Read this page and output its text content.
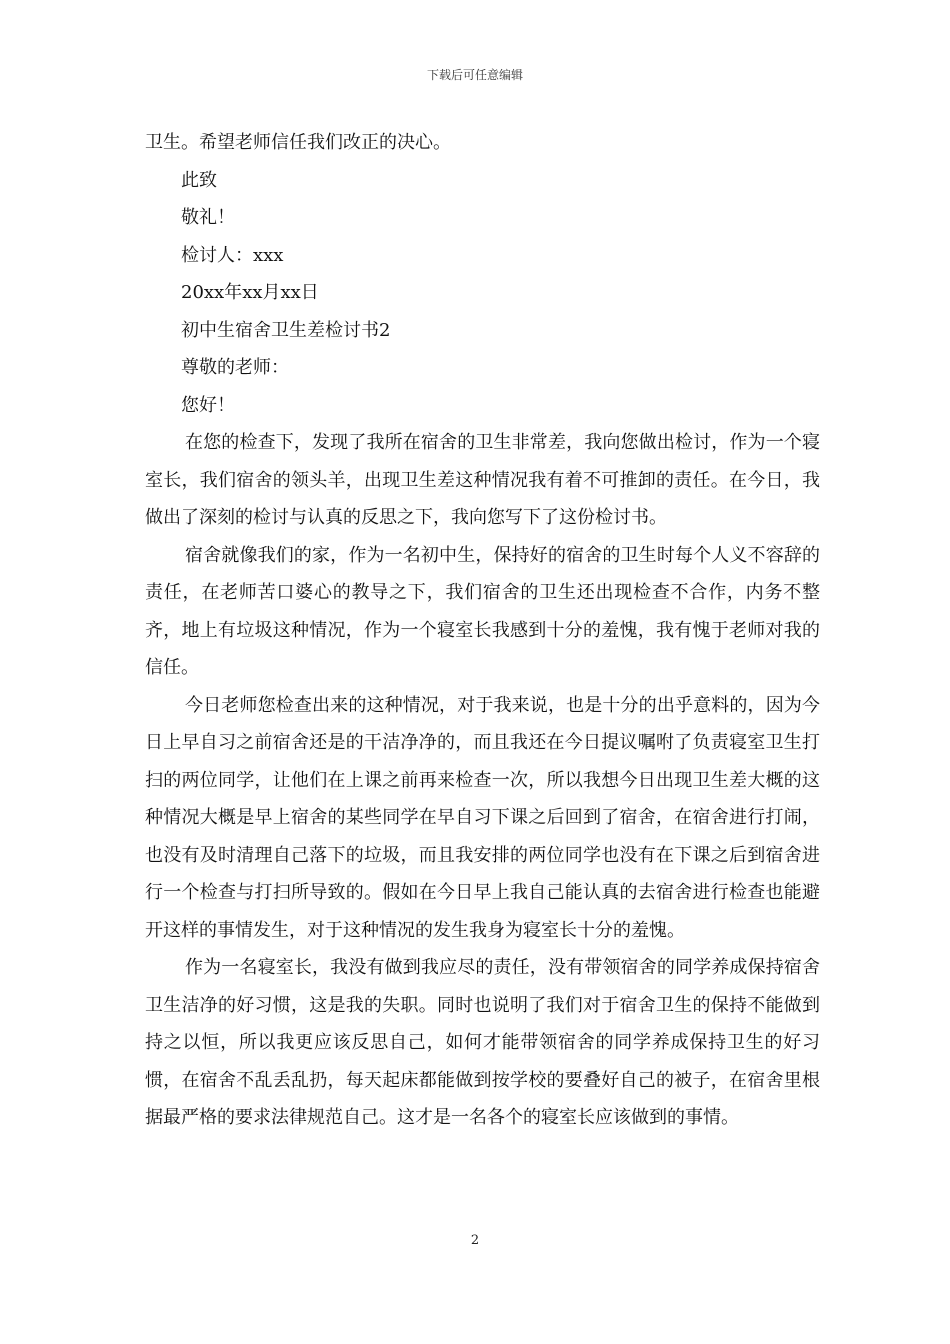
下载后可任意编辑
卫生。希望老师信任我们改正的决心。
此致
敬礼！
检讨人：xxx
20xx年xx月xx日
初中生宿舍卫生差检讨书2
尊敬的老师：
您好！

在您的检查下，发现了我所在宿舍的卫生非常差，我向您做出检讨，作为一个寝室长，我们宿舍的领头羊，出现卫生差这种情况我有着不可推卸的责任。在今日，我做出了深刻的检讨与认真的反思之下，我向您写下了这份检讨书。

宿舍就像我们的家，作为一名初中生，保持好的宿舍的卫生时每个人义不容辞的责任，在老师苦口婆心的教导之下，我们宿舍的卫生还出现检查不合作，内务不整齐，地上有垃圾这种情况，作为一个寝室长我感到十分的羞愧，我有愧于老师对我的信任。

今日老师您检查出来的这种情况，对于我来说，也是十分的出乎意料的，因为今日上早自习之前宿舍还是的干洁净净的，而且我还在今日提议嘱咐了负责寝室卫生打扫的两位同学，让他们在上课之前再来检查一次，所以我想今日出现卫生差大概的这种情况大概是早上宿舍的某些同学在早自习下课之后回到了宿舍，在宿舍进行打闹，也没有及时清理自己落下的垃圾，而且我安排的两位同学也没有在下课之后到宿舍进行一个检查与打扫所导致的。假如在今日早上我自己能认真的去宿舍进行检查也能避开这样的事情发生，对于这种情况的发生我身为寝室长十分的羞愧。

作为一名寝室长，我没有做到我应尽的责任，没有带领宿舍的同学养成保持宿舍卫生洁净的好习惯，这是我的失职。同时也说明了我们对于宿舍卫生的保持不能做到持之以恒，所以我更应该反思自己，如何才能带领宿舍的同学养成保持卫生的好习惯，在宿舍不乱丢乱扔，每天起床都能做到按学校的要叠好自己的被子，在宿舍里根据最严格的要求法律规范自己。这才是一名各个的寝室长应该做到的事情。

2
